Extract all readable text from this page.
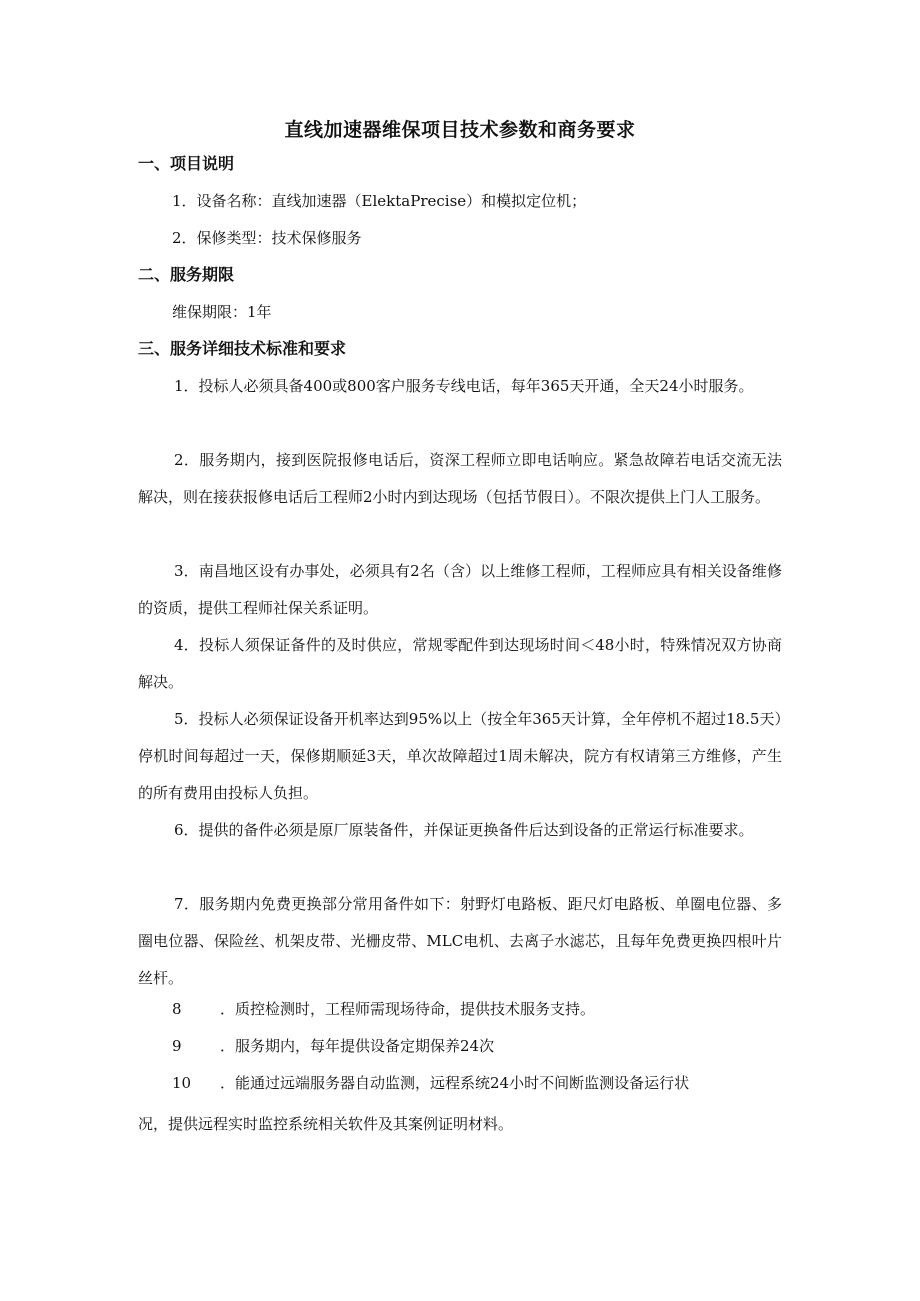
直线加速器维保项目技术参数和商务要求
一、项目说明

1．设备名称：直线加速器（ElektaPrecise）和模拟定位机；

2．保修类型：技术保修服务

二、服务期限

维保期限：1年

三、服务详细技术标准和要求

1．投标人必须具备400或800客户服务专线电话，每年365天开通，全天24小时服务。

2．服务期内，接到医院报修电话后，资深工程师立即电话响应。紧急故障若电话交流无法解决，则在接获报修电话后工程师2小时内到达现场（包括节假日）。不限次提供上门人工服务。

3．南昌地区设有办事处，必须具有2名（含）以上维修工程师，工程师应具有相关设备维修的资质，提供工程师社保关系证明。

4．投标人须保证备件的及时供应，常规零配件到达现场时间＜48小时，特殊情况双方协商解决。

5．投标人必须保证设备开机率达到95%以上（按全年365天计算，全年停机不超过18.5天）停机时间每超过一天，保修期顺延3天，单次故障超过1周未解决，院方有权请第三方维修，产生的所有费用由投标人负担。

6．提供的备件必须是原厂原装备件，并保证更换备件后达到设备的正常运行标准要求。

7．服务期内免费更换部分常用备件如下：射野灯电路板、距尺灯电路板、单圈电位器、多圈电位器、保险丝、机架皮带、光栅皮带、MLC电机、去离子水滤芯，且每年免费更换四根叶片丝杆。

8	．质控检测时，工程师需现场待命，提供技术服务支持。

9	．服务期内，每年提供设备定期保养24次

10 ．能通过远端服务器自动监测，远程系统24小时不间断监测设备运行状

况，提供远程实时监控系统相关软件及其案例证明材料。
